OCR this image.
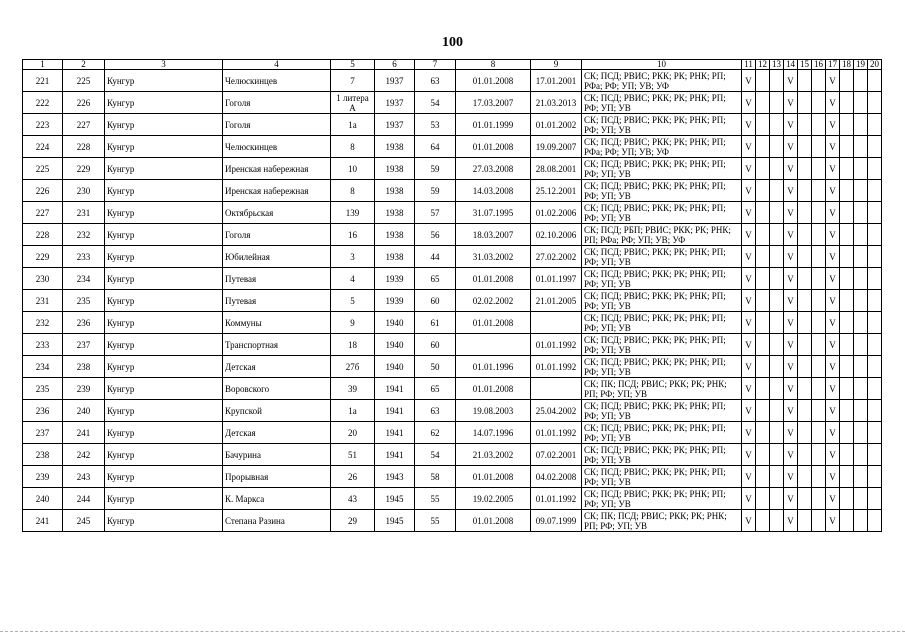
100
1	2	3	4	5	6	7	8	9	10	11	12	13	14	15	16	17	18	19	20
221	225	Кунгур	Челюскинцев	7	1937	63	01.01.2008	17.01.2001	СК; ПСД; РВИС; РКК; РК; РНК; РП; РФа; РФ; УП; УВ; УФ	V			V			V			
222	226	Кунгур	Гоголя	1 литера А	1937	54	17.03.2007	21.03.2013	СК; ПСД; РВИС; РКК; РК; РНК; РП; РФ; УП; УВ	V			V			V			
223	227	Кунгур	Гоголя	1а	1937	53	01.01.1999	01.01.2002	СК; ПСД; РВИС; РКК; РК; РНК; РП; РФ; УП; УВ	V			V			V			
224	228	Кунгур	Челюскинцев	8	1938	64	01.01.2008	19.09.2007	СК; ПСД; РВИС; РКК; РК; РНК; РП; РФа; РФ; УП; УВ; УФ	V			V			V			
225	229	Кунгур	Иренская набережная	10	1938	59	27.03.2008	28.08.2001	СК; ПСД; РВИС; РКК; РК; РНК; РП; РФ; УП; УВ	V			V			V			
226	230	Кунгур	Иренская набережная	8	1938	59	14.03.2008	25.12.2001	СК; ПСД; РВИС; РКК; РК; РНК; РП; РФ; УП; УВ	V			V			V			
227	231	Кунгур	Октябрьская	139	1938	57	31.07.1995	01.02.2006	СК; ПСД; РВИС; РКК; РК; РНК; РП; РФ; УП; УВ	V			V			V			
228	232	Кунгур	Гоголя	16	1938	56	18.03.2007	02.10.2006	СК; ПСД; РБП; РВИС; РКК; РК; РНК; РП; РФа; РФ; УП; УВ; УФ	V			V			V			
229	233	Кунгур	Юбилейная	3	1938	44	31.03.2002	27.02.2002	СК; ПСД; РВИС; РКК; РК; РНК; РП; РФ; УП; УВ	V			V			V			
230	234	Кунгур	Путевая	4	1939	65	01.01.2008	01.01.1997	СК; ПСД; РВИС; РКК; РК; РНК; РП; РФ; УП; УВ	V			V			V			
231	235	Кунгур	Путевая	5	1939	60	02.02.2002	21.01.2005	СК; ПСД; РВИС; РКК; РК; РНК; РП; РФ; УП; УВ	V			V			V			
232	236	Кунгур	Коммуны	9	1940	61	01.01.2008		СК; ПСД; РВИС; РКК; РК; РНК; РП; РФ; УП; УВ	V			V			V			
233	237	Кунгур	Транспортная	18	1940	60		01.01.1992	СК; ПСД; РВИС; РКК; РК; РНК; РП; РФ; УП; УВ	V			V			V			
234	238	Кунгур	Детская	27б	1940	50	01.01.1996	01.01.1992	СК; ПСД; РВИС; РКК; РК; РНК; РП; РФ; УП; УВ	V			V			V			
235	239	Кунгур	Воровского	39	1941	65	01.01.2008		СК; ПК; ПСД; РВИС; РКК; РК; РНК; РП; РФ; УП; УВ	V			V			V			
236	240	Кунгур	Крупской	1а	1941	63	19.08.2003	25.04.2002	СК; ПСД; РВИС; РКК; РК; РНК; РП; РФ; УП; УВ	V			V			V			
237	241	Кунгур	Детская	20	1941	62	14.07.1996	01.01.1992	СК; ПСД; РВИС; РКК; РК; РНК; РП; РФ; УП; УВ	V			V			V			
238	242	Кунгур	Бачурина	51	1941	54	21.03.2002	07.02.2001	СК; ПСД; РВИС; РКК; РК; РНК; РП; РФ; УП; УВ	V			V			V			
239	243	Кунгур	Прорывная	26	1943	58	01.01.2008	04.02.2008	СК; ПСД; РВИС; РКК; РК; РНК; РП; РФ; УП; УВ	V			V			V			
240	244	Кунгур	К. Маркса	43	1945	55	19.02.2005	01.01.1992	СК; ПСД; РВИС; РКК; РК; РНК; РП; РФ; УП; УВ	V			V			V			
241	245	Кунгур	Степана Разина	29	1945	55	01.01.2008	09.07.1999	СК; ПК; ПСД; РВИС; РКК; РК; РНК; РП; РФ; УП; УВ	V			V			V			
